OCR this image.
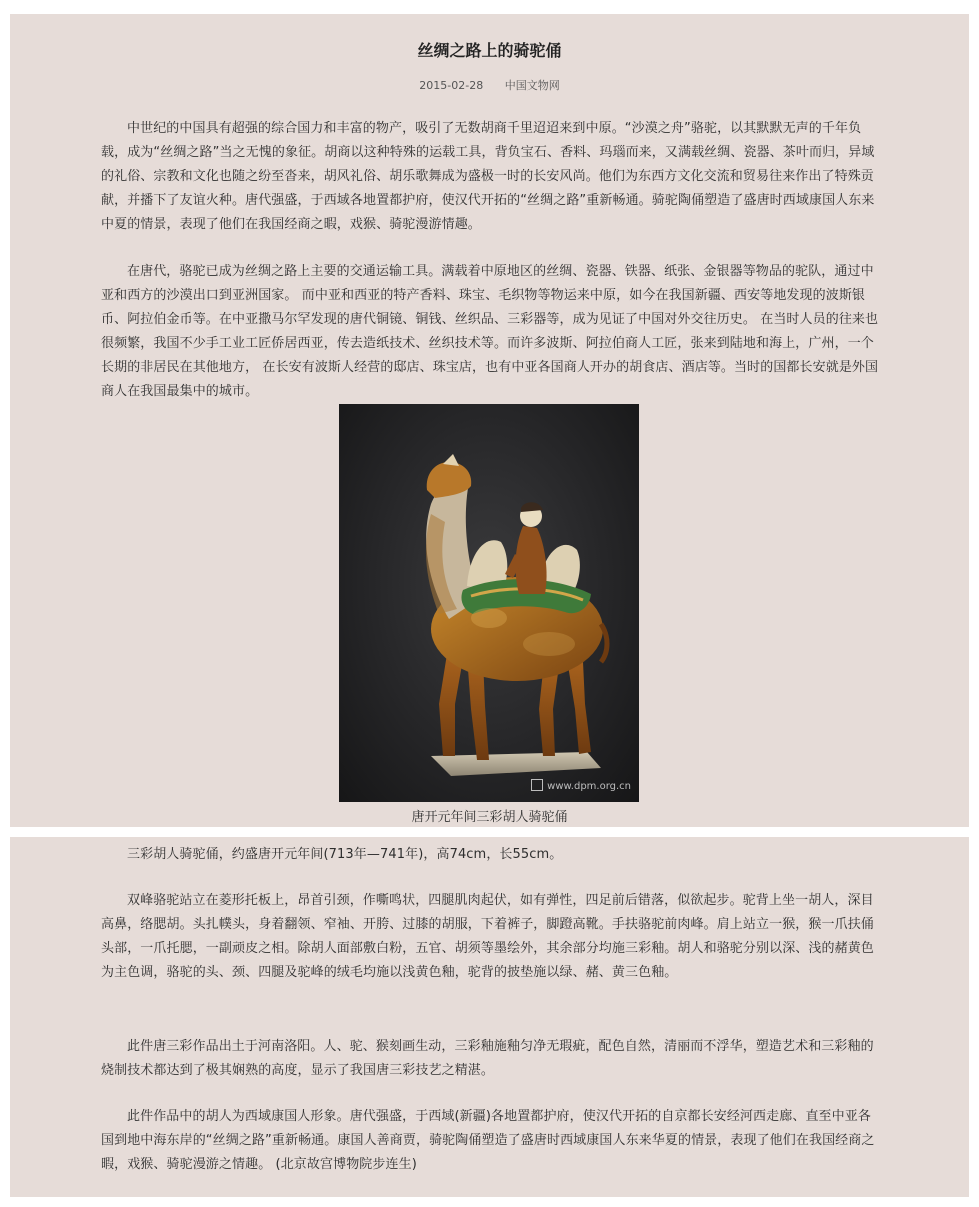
丝绸之路上的骑驼俑
2015-02-28 中国文物网

中世纪的中国具有超强的综合国力和丰富的物产，吸引了无数胡商千里迢迢来到中原。“沙漠之舟”骆驼，以其默默无声的千年负载，成为“丝绸之路”当之无愧的象征。胡商以这种特殊的运载工具，背负宝石、香料、玛瑙而来，又满载丝绸、瓷器、茶叶而归，异域的礼俗、宗教和文化也随之纷至沓来，胡风礼俗、胡乐歌舞成为盛极一时的长安风尚。他们为东西方文化交流和贸易往来作出了特殊贡献，并播下了友谊火种。唐代强盛，于西域各地置都护府，使汉代开拓的“丝绸之路”重新畅通。骑驼陶俑塑造了盛唐时西域康国人东来中夏的情景，表现了他们在我国经商之暇，戏猴、骑驼漫游情趣。

在唐代，骆驼已成为丝绸之路上主要的交通运输工具。满载着中原地区的丝绸、瓷器、铁器、纸张、金银器等物品的驼队，通过中亚和西方的沙漠出口到亚洲国家。 而中亚和西亚的特产香料、珠宝、毛织物等物运来中原，如今在我国新疆、西安等地发现的波斯银币、阿拉伯金币等。在中亚撒马尔罕发现的唐代铜镜、铜钱、丝织品、三彩器等，成为见证了中国对外交往历史。 在当时人员的往来也很频繁，我国不少手工业工匠侨居西亚，传去造纸技术、丝织技术等。而许多波斯、阿拉伯商人工匠，张来到陆地和海上，广州，一个长期的非居民在其他地方， 在长安有波斯人经营的邸店、珠宝店，也有中亚各国商人开办的胡食店、酒店等。当时的国都长安就是外国商人在我国最集中的城市。

www.dpm.org.cn
唐开元年间三彩胡人骑驼俑

三彩胡人骑驼俑，约盛唐开元年间(713年—741年)，高74cm，长55cm。

双峰骆驼站立在菱形托板上，昂首引颈，作嘶鸣状，四腿肌肉起伏，如有弹性，四足前后错落，似欲起步。驼背上坐一胡人，深目高鼻，络腮胡。头扎幞头，身着翻领、窄袖、开胯、过膝的胡服，下着裤子，脚蹬高靴。手扶骆驼前肉峰。肩上站立一猴，猴一爪扶俑头部，一爪托腮，一副顽皮之相。除胡人面部敷白粉，五官、胡须等墨绘外，其余部分均施三彩釉。胡人和骆驼分别以深、浅的赭黄色为主色调，骆驼的头、颈、四腿及驼峰的绒毛均施以浅黄色釉，驼背的披垫施以绿、赭、黄三色釉。

此件唐三彩作品出土于河南洛阳。人、驼、猴刻画生动，三彩釉施釉匀净无瑕疵，配色自然，清丽而不浮华，塑造艺术和三彩釉的烧制技术都达到了极其娴熟的高度，显示了我国唐三彩技艺之精湛。

此件作品中的胡人为西域康国人形象。唐代强盛，于西域(新疆)各地置都护府，使汉代开拓的自京都长安经河西走廊、直至中亚各国到地中海东岸的“丝绸之路”重新畅通。康国人善商贾，骑驼陶俑塑造了盛唐时西域康国人东来华夏的情景，表现了他们在我国经商之暇，戏猴、骑驼漫游之情趣。 (北京故宫博物院步连生)
